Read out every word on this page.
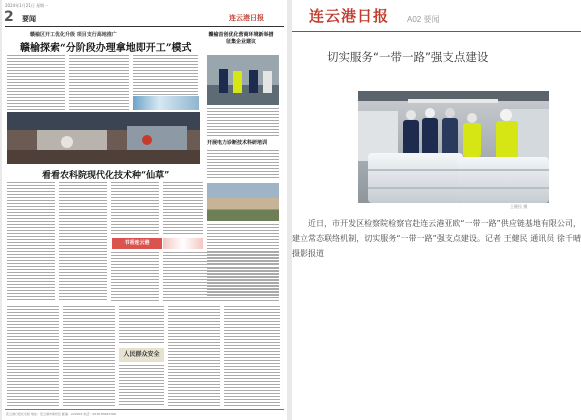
2024年1月21日 星期一
2 要闻	连云港日报
赣榆区开工优化升级 项目支行高地推广
赣榆探索“分阶段办理拿地即开工”模式
看看农科院现代化技术种“仙草”
赣榆首创优化营商环境新举措 征集企业建议
开展电力诊断技术科研培训
书香连云港
人民群众安全
连云港日报社出版 地址：连云港市海州区 邮编：222002 电话：0518-85827000
连云港日报 A02 要闻
切实服务“一带一路”强支点建设
王健民 摄
近日，市开发区检察院检察官赴连云港亚欧“一带一路”供应链基地有限公司，建立常态联络机制，切实服务“一带一路”强支点建设。记者 王健民 通讯员 徐千晴 摄影报道
